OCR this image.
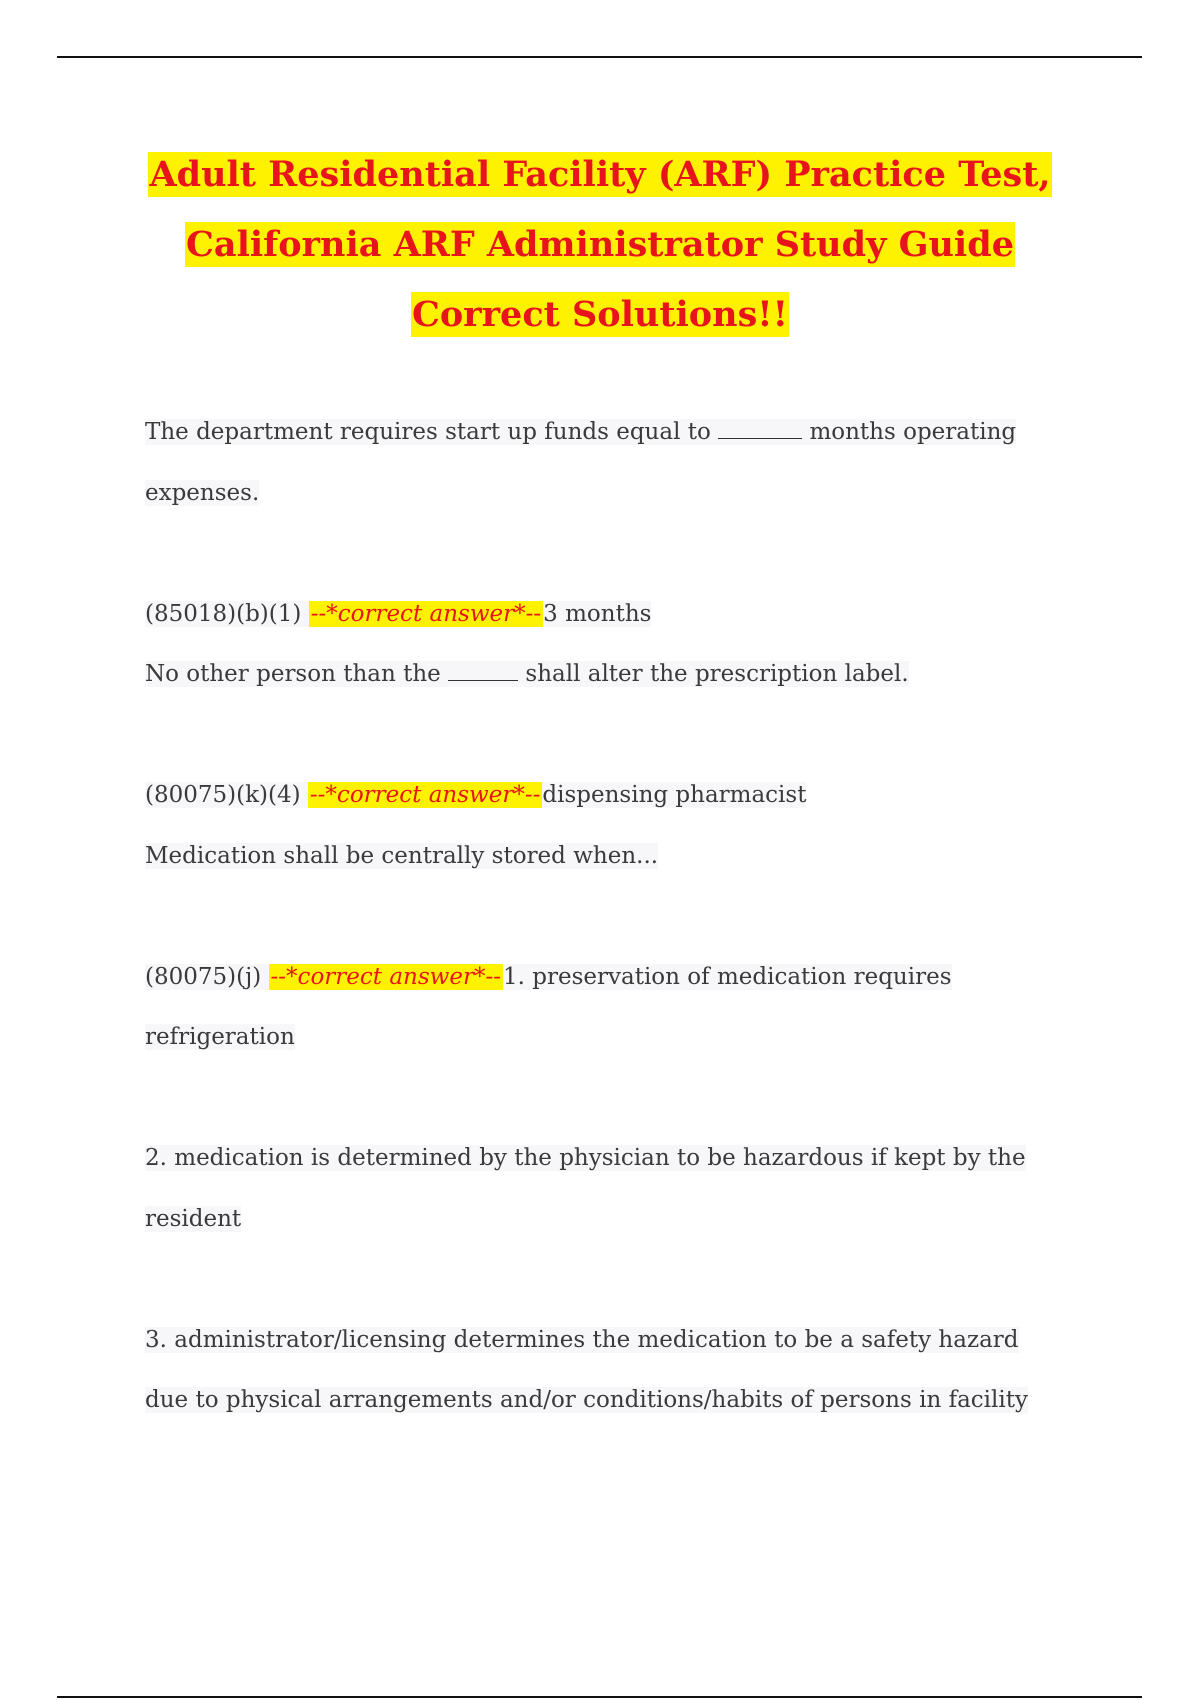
Adult Residential Facility (ARF) Practice Test,
California ARF Administrator Study Guide
Correct Solutions!!
The department requires start up funds equal to	months operating
expenses.
(85018)(b)(1) --*correct answer*--3 months
No other person than the	shall alter the prescription label.
(80075)(k)(4) --*correct answer*--dispensing pharmacist
Medication shall be centrally stored when...
(80075)(j) --*correct answer*--1. preservation of medication requires
refrigeration
2. medication is determined by the physician to be hazardous if kept by the
resident
3. administrator/licensing determines the medication to be a safety hazard
due to physical arrangements and/or conditions/habits of persons in facility
